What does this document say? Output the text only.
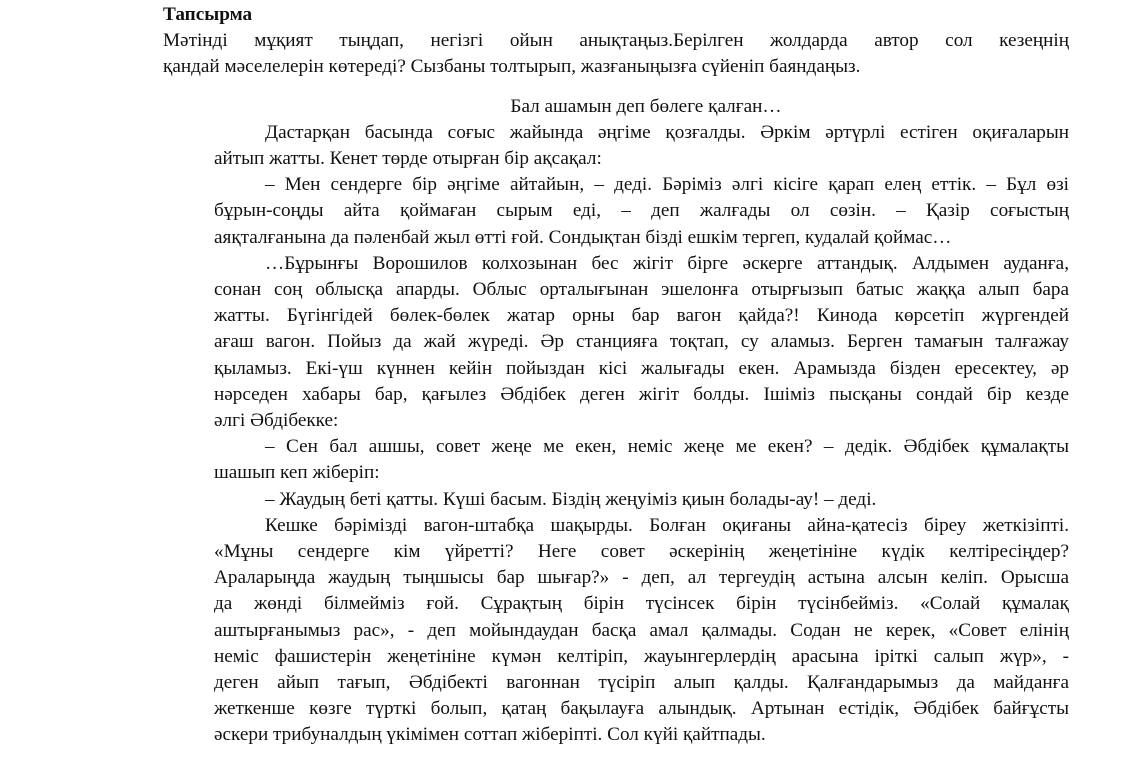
Тапсырма

Мәтінді мұқият тыңдап, негізгі ойын анықтаңыз.Берілген жолдарда автор сол кезеңнің
қандай мәселелерін көтереді? Сызбаны толтырып, жазғаныңызға сүйеніп баяндаңыз.

Бал ашамын деп бөлеге қалған…

Дастарқан басында соғыс жайында әңгіме қозғалды. Әркім әртүрлі естіген оқиғаларын
айтып жатты. Кенет төрде отырған бір ақсақал:
– Мен сендерге бір әңгіме айтайын, – деді. Бәріміз әлгі кісіге қарап елең еттік. – Бұл өзі
бұрын-соңды айта қоймаған сырым еді, – деп жалғады ол сөзін. – Қазір соғыстың
аяқталғанына да пәленбай жыл өтті ғой. Сондықтан бізді ешкім тергеп, кудалай қоймас…
…Бұрынғы Ворошилов колхозынан бес жігіт бірге әскерге аттандық. Алдымен ауданға,
сонан соң облысқа апарды. Облыс орталығынан эшелонға отырғызып батыс жаққа алып бара
жатты. Бүгінгідей бөлек-бөлек жатар орны бар вагон қайда?! Кинода көрсетіп жүргендей
ағаш вагон. Пойыз да жай жүреді. Әр станцияға тоқтап, су аламыз. Берген тамағын талғажау
қыламыз. Екі-үш күннен кейін пойыздан кісі жалығады екен. Арамызда бізден ересектеу, әр
нәрседен хабары бар, қағылез Әбдібек деген жігіт болды. Ішіміз пысқаны сондай бір кезде
әлгі Әбдібекке:
– Сен бал ашшы, совет жеңе ме екен, неміс жеңе ме екен? – дедік. Әбдібек құмалақты
шашып кеп жіберіп:
– Жаудың беті қатты. Күші басым. Біздің жеңуіміз қиын болады-ау! – деді.
Кешке бәрімізді вагон-штабқа шақырды. Болған оқиғаны айна-қатесіз біреу жеткізіпті.
«Мұны сендерге кім үйретті? Неге совет әскерінің жеңетініне күдік келтіресіңдер?
Араларыңда жаудың тыңшысы бар шығар?» - деп, ал тергеудің астына алсын келіп. Орысша
да жөнді білмейміз ғой. Сұрақтың бірін түсінсек бірін түсінбейміз. «Солай құмалақ
аштырғанымыз рас», - деп мойындаудан басқа амал қалмады. Содан не керек, «Совет елінің
неміс фашистерін жеңетініне күмән келтіріп, жауынгерлердің арасына іріткі салып жүр», -
деген айып тағып, Әбдібекті вагоннан түсіріп алып қалды. Қалғандарымыз да майданға
жеткенше көзге түрткі болып, қатаң бақылауға алындық. Артынан естідік, Әбдібек байғұсты
әскери трибуналдың үкімімен соттап жіберіпті. Сол күйі қайтпады.
